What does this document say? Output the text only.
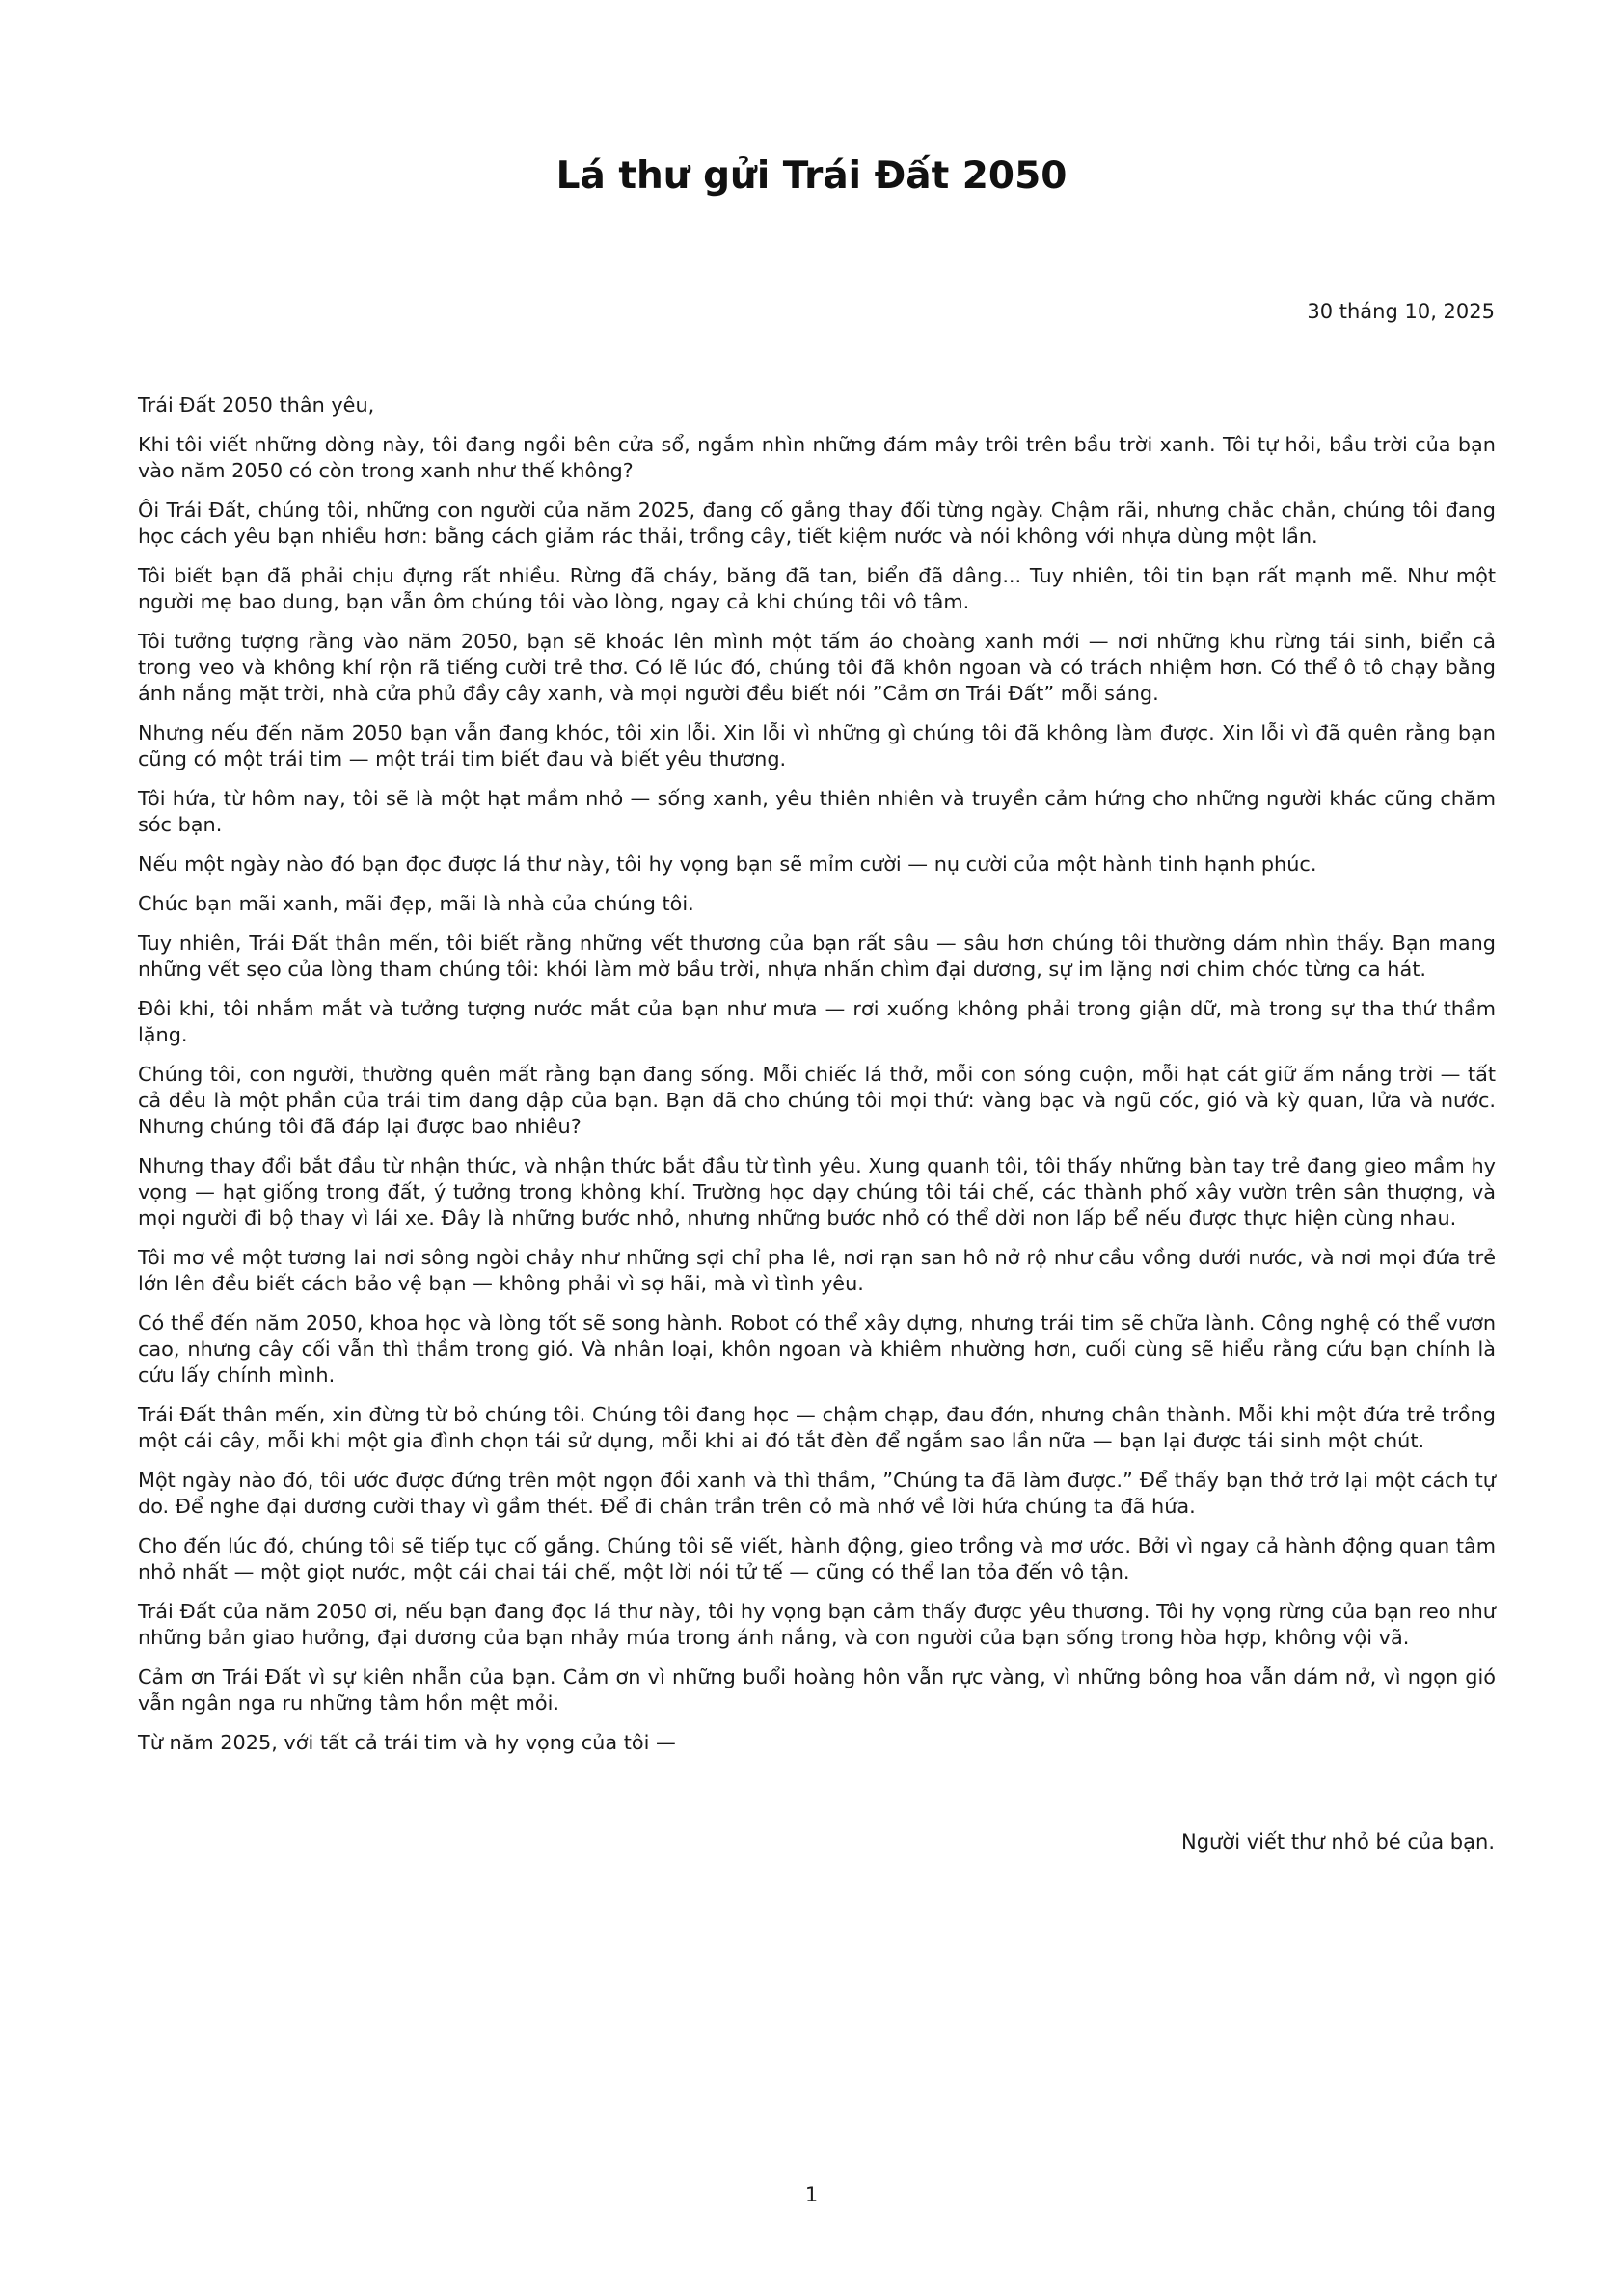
Lá thư gửi Trái Đất 2050
30 tháng 10, 2025

Trái Đất 2050 thân yêu,

Khi tôi viết những dòng này, tôi đang ngồi bên cửa sổ, ngắm nhìn những đám mây trôi trên bầu trời xanh. Tôi tự hỏi, bầu trời của bạn vào năm 2050 có còn trong xanh như thế không?

Ôi Trái Đất, chúng tôi, những con người của năm 2025, đang cố gắng thay đổi từng ngày. Chậm rãi, nhưng chắc chắn, chúng tôi đang học cách yêu bạn nhiều hơn: bằng cách giảm rác thải, trồng cây, tiết kiệm nước và nói không với nhựa dùng một lần.

Tôi biết bạn đã phải chịu đựng rất nhiều. Rừng đã cháy, băng đã tan, biển đã dâng... Tuy nhiên, tôi tin bạn rất mạnh mẽ. Như một người mẹ bao dung, bạn vẫn ôm chúng tôi vào lòng, ngay cả khi chúng tôi vô tâm.

Tôi tưởng tượng rằng vào năm 2050, bạn sẽ khoác lên mình một tấm áo choàng xanh mới — nơi những khu rừng tái sinh, biển cả trong veo và không khí rộn rã tiếng cười trẻ thơ. Có lẽ lúc đó, chúng tôi đã khôn ngoan và có trách nhiệm hơn. Có thể ô tô chạy bằng ánh nắng mặt trời, nhà cửa phủ đầy cây xanh, và mọi người đều biết nói ”Cảm ơn Trái Đất” mỗi sáng.

Nhưng nếu đến năm 2050 bạn vẫn đang khóc, tôi xin lỗi. Xin lỗi vì những gì chúng tôi đã không làm được. Xin lỗi vì đã quên rằng bạn cũng có một trái tim — một trái tim biết đau và biết yêu thương.

Tôi hứa, từ hôm nay, tôi sẽ là một hạt mầm nhỏ — sống xanh, yêu thiên nhiên và truyền cảm hứng cho những người khác cũng chăm sóc bạn.

Nếu một ngày nào đó bạn đọc được lá thư này, tôi hy vọng bạn sẽ mỉm cười — nụ cười của một hành tinh hạnh phúc.

Chúc bạn mãi xanh, mãi đẹp, mãi là nhà của chúng tôi.

Tuy nhiên, Trái Đất thân mến, tôi biết rằng những vết thương của bạn rất sâu — sâu hơn chúng tôi thường dám nhìn thấy. Bạn mang những vết sẹo của lòng tham chúng tôi: khói làm mờ bầu trời, nhựa nhấn chìm đại dương, sự im lặng nơi chim chóc từng ca hát.

Đôi khi, tôi nhắm mắt và tưởng tượng nước mắt của bạn như mưa — rơi xuống không phải trong giận dữ, mà trong sự tha thứ thầm lặng.

Chúng tôi, con người, thường quên mất rằng bạn đang sống. Mỗi chiếc lá thở, mỗi con sóng cuộn, mỗi hạt cát giữ ấm nắng trời — tất cả đều là một phần của trái tim đang đập của bạn. Bạn đã cho chúng tôi mọi thứ: vàng bạc và ngũ cốc, gió và kỳ quan, lửa và nước. Nhưng chúng tôi đã đáp lại được bao nhiêu?

Nhưng thay đổi bắt đầu từ nhận thức, và nhận thức bắt đầu từ tình yêu. Xung quanh tôi, tôi thấy những bàn tay trẻ đang gieo mầm hy vọng — hạt giống trong đất, ý tưởng trong không khí. Trường học dạy chúng tôi tái chế, các thành phố xây vườn trên sân thượng, và mọi người đi bộ thay vì lái xe. Đây là những bước nhỏ, nhưng những bước nhỏ có thể dời non lấp bể nếu được thực hiện cùng nhau.

Tôi mơ về một tương lai nơi sông ngòi chảy như những sợi chỉ pha lê, nơi rạn san hô nở rộ như cầu vồng dưới nước, và nơi mọi đứa trẻ lớn lên đều biết cách bảo vệ bạn — không phải vì sợ hãi, mà vì tình yêu.

Có thể đến năm 2050, khoa học và lòng tốt sẽ song hành. Robot có thể xây dựng, nhưng trái tim sẽ chữa lành. Công nghệ có thể vươn cao, nhưng cây cối vẫn thì thầm trong gió. Và nhân loại, khôn ngoan và khiêm nhường hơn, cuối cùng sẽ hiểu rằng cứu bạn chính là cứu lấy chính mình.

Trái Đất thân mến, xin đừng từ bỏ chúng tôi. Chúng tôi đang học — chậm chạp, đau đớn, nhưng chân thành. Mỗi khi một đứa trẻ trồng một cái cây, mỗi khi một gia đình chọn tái sử dụng, mỗi khi ai đó tắt đèn để ngắm sao lần nữa — bạn lại được tái sinh một chút.

Một ngày nào đó, tôi ước được đứng trên một ngọn đồi xanh và thì thầm, ”Chúng ta đã làm được.” Để thấy bạn thở trở lại một cách tự do. Để nghe đại dương cười thay vì gầm thét. Để đi chân trần trên cỏ mà nhớ về lời hứa chúng ta đã hứa.

Cho đến lúc đó, chúng tôi sẽ tiếp tục cố gắng. Chúng tôi sẽ viết, hành động, gieo trồng và mơ ước. Bởi vì ngay cả hành động quan tâm nhỏ nhất — một giọt nước, một cái chai tái chế, một lời nói tử tế — cũng có thể lan tỏa đến vô tận.

Trái Đất của năm 2050 ơi, nếu bạn đang đọc lá thư này, tôi hy vọng bạn cảm thấy được yêu thương. Tôi hy vọng rừng của bạn reo như những bản giao hưởng, đại dương của bạn nhảy múa trong ánh nắng, và con người của bạn sống trong hòa hợp, không vội vã.

Cảm ơn Trái Đất vì sự kiên nhẫn của bạn. Cảm ơn vì những buổi hoàng hôn vẫn rực vàng, vì những bông hoa vẫn dám nở, vì ngọn gió vẫn ngân nga ru những tâm hồn mệt mỏi.

Từ năm 2025, với tất cả trái tim và hy vọng của tôi —

Người viết thư nhỏ bé của bạn.
1
